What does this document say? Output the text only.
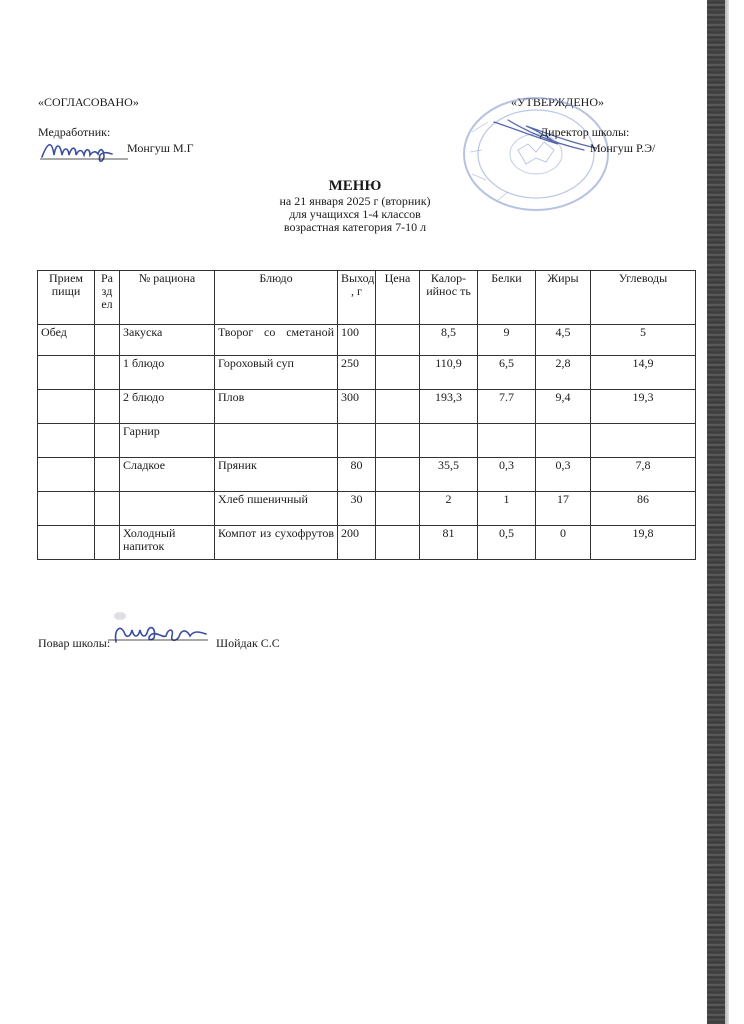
«СОГЛАСОВАНО»
Медработник:
Монгуш М.Г
«УТВЕРЖДЕНО»
Директор школы:
Монгуш Р.Э/
МЕНЮ
на 21 января 2025 г (вторник)
для учащихся 1-4 классов
возрастная категория 7-10 л
Прием пищи	Ра зд ел	№ рациона	Блюдо	Выход , г	Цена	Калор-ийнос ть	Белки	Жиры	Углеводы
Обед		Закуска	Творог со сметаной	100		8,5	9	4,5	5
		1 блюдо	Гороховый суп	250		110,9	6,5	2,8	14,9
		2 блюдо	Плов	300		193,3	7.7	9,4	19,3
		Гарнир							
		Сладкое	Пряник	80		35,5	0,3	0,3	7,8
			Хлеб пшеничный	30		2	1	17	86
		Холодный напиток	Компот из сухофрутов	200		81	0,5	0	19,8
Повар школы:	Шойдак С.С
